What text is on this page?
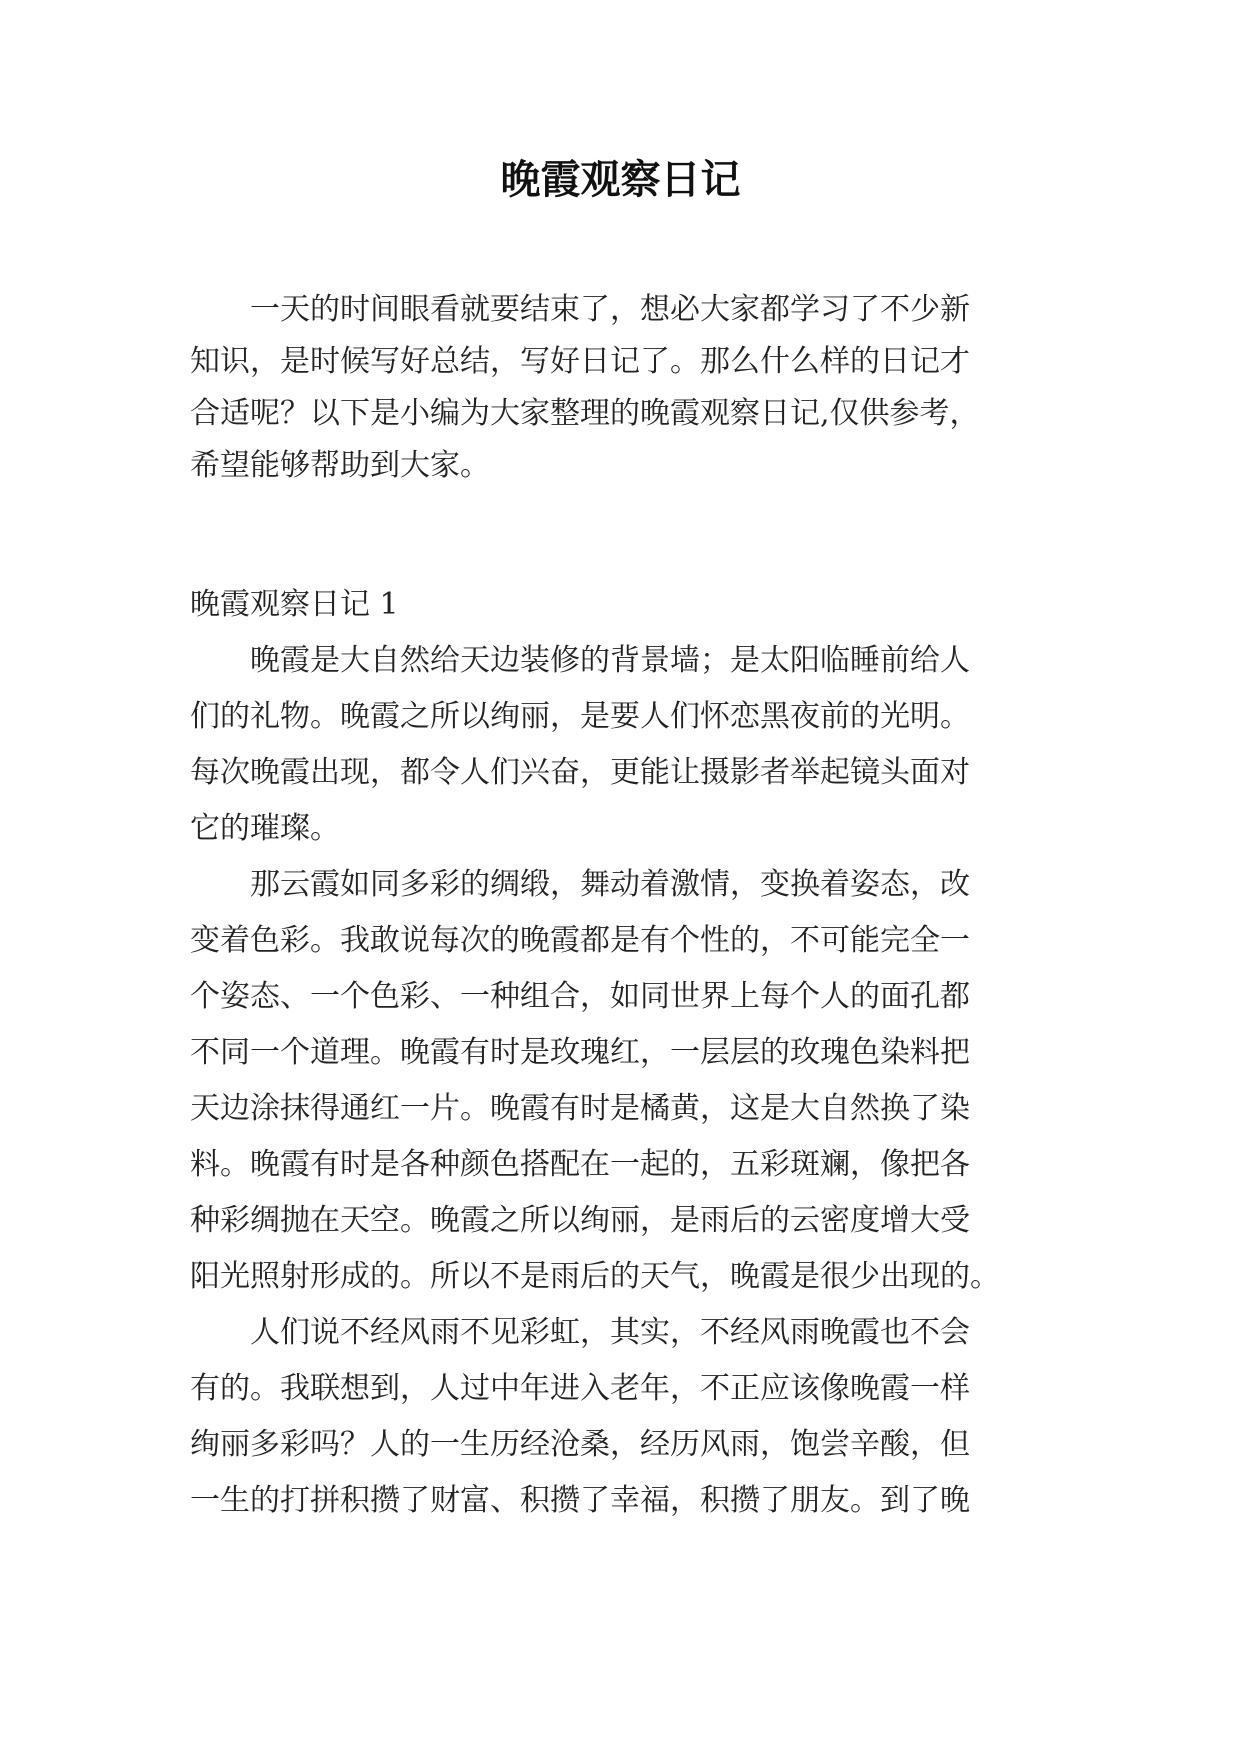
晚霞观察日记
一天的时间眼看就要结束了，想必大家都学习了不少新
知识，是时候写好总结，写好日记了。那么什么样的日记才
合适呢？以下是小编为大家整理的晚霞观察日记,仅供参考，
希望能够帮助到大家。
晚霞观察日记 1
晚霞是大自然给天边装修的背景墙；是太阳临睡前给人
们的礼物。晚霞之所以绚丽，是要人们怀恋黑夜前的光明。
每次晚霞出现，都令人们兴奋，更能让摄影者举起镜头面对
它的璀璨。
那云霞如同多彩的绸缎，舞动着激情，变换着姿态，改
变着色彩。我敢说每次的晚霞都是有个性的，不可能完全一
个姿态、一个色彩、一种组合，如同世界上每个人的面孔都
不同一个道理。晚霞有时是玫瑰红，一层层的玫瑰色染料把
天边涂抹得通红一片。晚霞有时是橘黄，这是大自然换了染
料。晚霞有时是各种颜色搭配在一起的，五彩斑斓，像把各
种彩绸抛在天空。晚霞之所以绚丽，是雨后的云密度增大受
阳光照射形成的。所以不是雨后的天气，晚霞是很少出现的。
人们说不经风雨不见彩虹，其实，不经风雨晚霞也不会
有的。我联想到，人过中年进入老年，不正应该像晚霞一样
绚丽多彩吗？人的一生历经沧桑，经历风雨，饱尝辛酸，但
一生的打拼积攒了财富、积攒了幸福，积攒了朋友。到了晚
